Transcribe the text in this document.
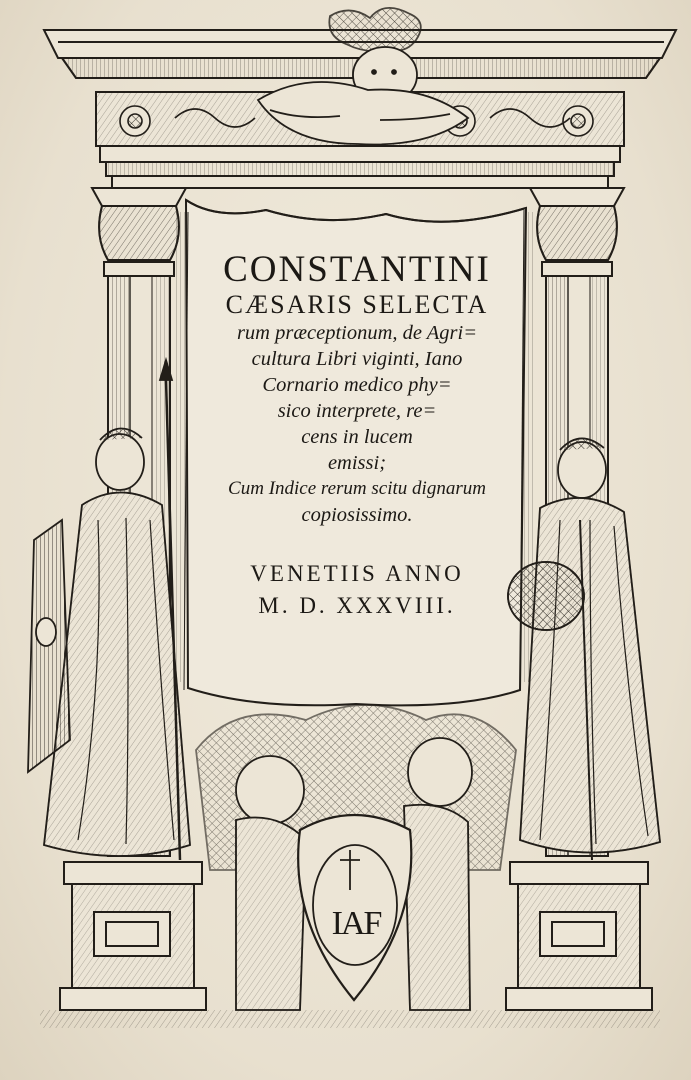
IAF
CONSTANTINI
CÆSARIS SELECTA
rum præceptionum, de Agri=
cultura Libri viginti, Iano
Cornario medico phy=
sico interprete, re=
cens in lucem
emissi;
Cum Indice rerum scitu dignarum
copiosissimo.
VENETIIS ANNO
M. D. XXXVIII.
